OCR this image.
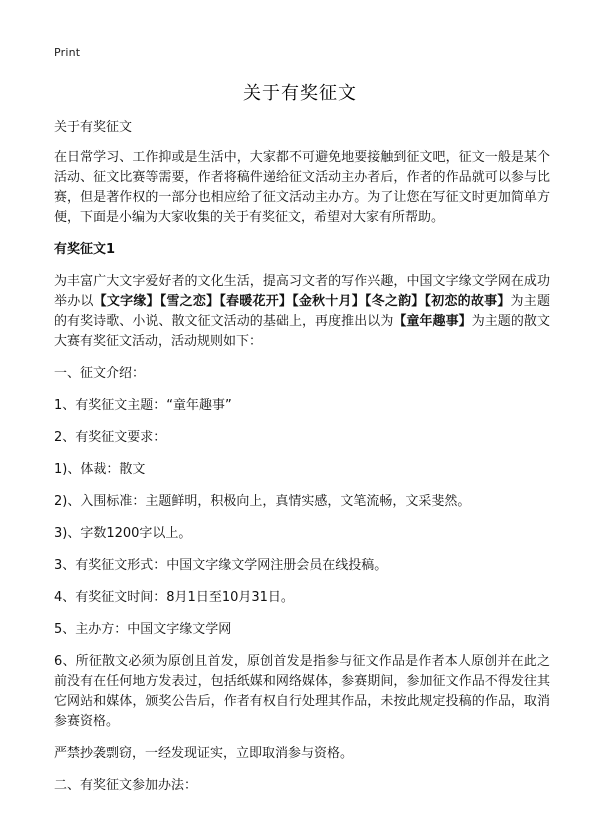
Print
关于有奖征文

关于有奖征文

在日常学习、工作抑或是生活中，大家都不可避免地要接触到征文吧，征文一般是某个活动、征文比赛等需要，作者将稿件递给征文活动主办者后，作者的作品就可以参与比赛，但是著作权的一部分也相应给了征文活动主办方。为了让您在写征文时更加简单方便，下面是小编为大家收集的关于有奖征文，希望对大家有所帮助。

有奖征文1

为丰富广大文字爱好者的文化生活，提高习文者的写作兴趣，中国文字缘文学网在成功举办以【文字缘】【雪之恋】【春暖花开】【金秋十月】【冬之韵】【初恋的故事】为主题的有奖诗歌、小说、散文征文活动的基础上，再度推出以为【童年趣事】为主题的散文大赛有奖征文活动，活动规则如下：

一、征文介绍：

1、有奖征文主题：“童年趣事”

2、有奖征文要求：

1)、体裁：散文

2)、入围标准：主题鲜明，积极向上，真情实感，文笔流畅，文采斐然。

3)、字数1200字以上。

3、有奖征文形式：中国文字缘文学网注册会员在线投稿。

4、有奖征文时间：8月1日至10月31日。

5、主办方：中国文字缘文学网

6、所征散文必须为原创且首发，原创首发是指参与征文作品是作者本人原创并在此之前没有在任何地方发表过，包括纸媒和网络媒体，参赛期间，参加征文作品不得发往其它网站和媒体，颁奖公告后，作者有权自行处理其作品，未按此规定投稿的作品，取消参赛资格。

严禁抄袭剽窃，一经发现证实，立即取消参与资格。

二、有奖征文参加办法：
